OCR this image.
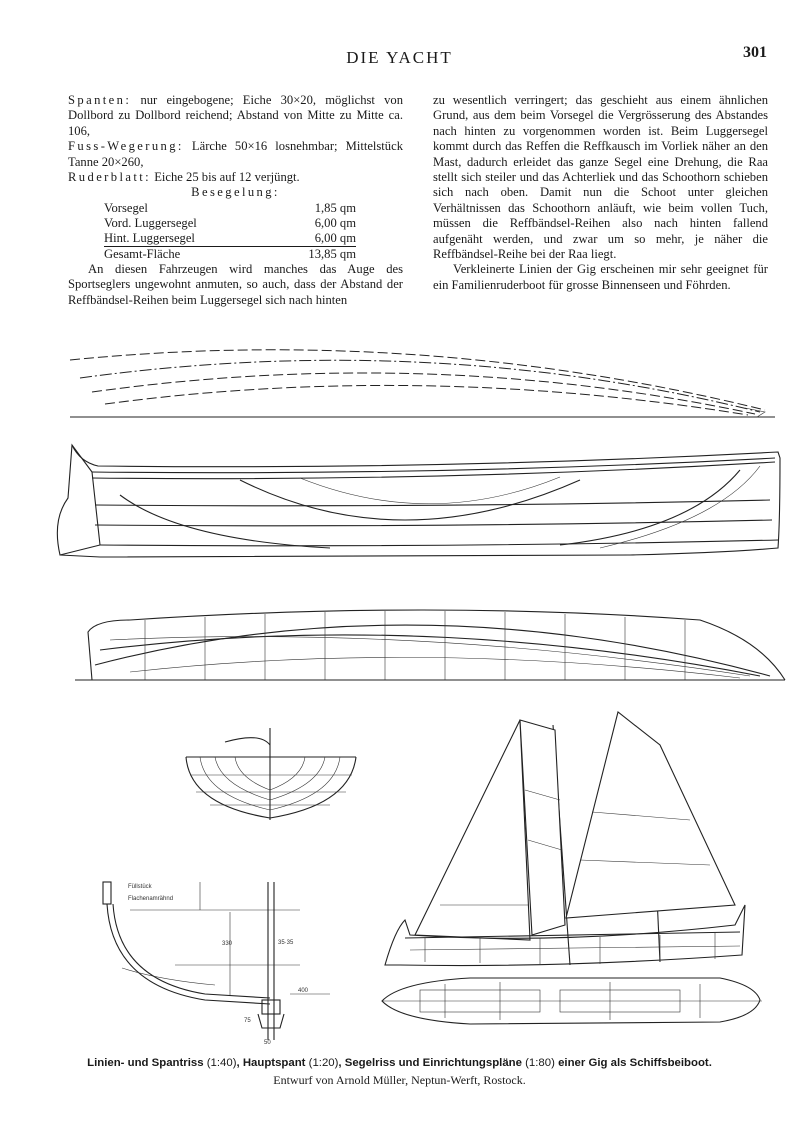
DIE YACHT	301

Spanten: nur eingebogene; Eiche 30×20, möglichst von Dollbord zu Dollbord reichend; Abstand von Mitte zu Mitte ca. 106,

Fuss-Wegerung: Lärche 50×16 losnehmbar; Mittelstück Tanne 20×260,

Ruderblatt: Eiche 25 bis auf 12 verjüngt.

Besegelung:

Vorsegel	1,85 qm
Vord. Luggersegel	6,00 qm
Hint. Luggersegel	6,00 qm
Gesamt-Fläche	13,85 qm

An diesen Fahrzeugen wird manches das Auge des Sportseglers ungewohnt anmuten, so auch, dass der Abstand der Reffbändsel-Reihen beim Luggersegel sich nach hinten

zu wesentlich verringert; das geschieht aus einem ähnlichen Grund, aus dem beim Vorsegel die Vergrösserung des Abstandes nach hinten zu vorgenommen worden ist. Beim Luggersegel kommt durch das Reffen die Reffkausch im Vorliek näher an den Mast, dadurch erleidet das ganze Segel eine Drehung, die Raa stellt sich steiler und das Achterliek und das Schoothorn schieben sich nach oben. Damit nun die Schoot unter gleichen Verhältnissen das Schoothorn anläuft, wie beim vollen Tuch, müssen die Reffbändsel-Reihen also nach hinten fallend aufgenäht werden, und zwar um so mehr, je näher die Reffbändsel-Reihe bei der Raa liegt.

Verkleinerte Linien der Gig erscheinen mir sehr geeignet für ein Familienruderboot für grosse Binnenseen und Föhrden.

Füllstück
Flachenamrähnd
330	35·35
400
50
75
Linien- und Spantriss (1:40), Hauptspant (1:20), Segelriss und Einrichtungspläne (1:80) einer Gig als Schiffsbeiboot.
Entwurf von Arnold Müller, Neptun-Werft, Rostock.
